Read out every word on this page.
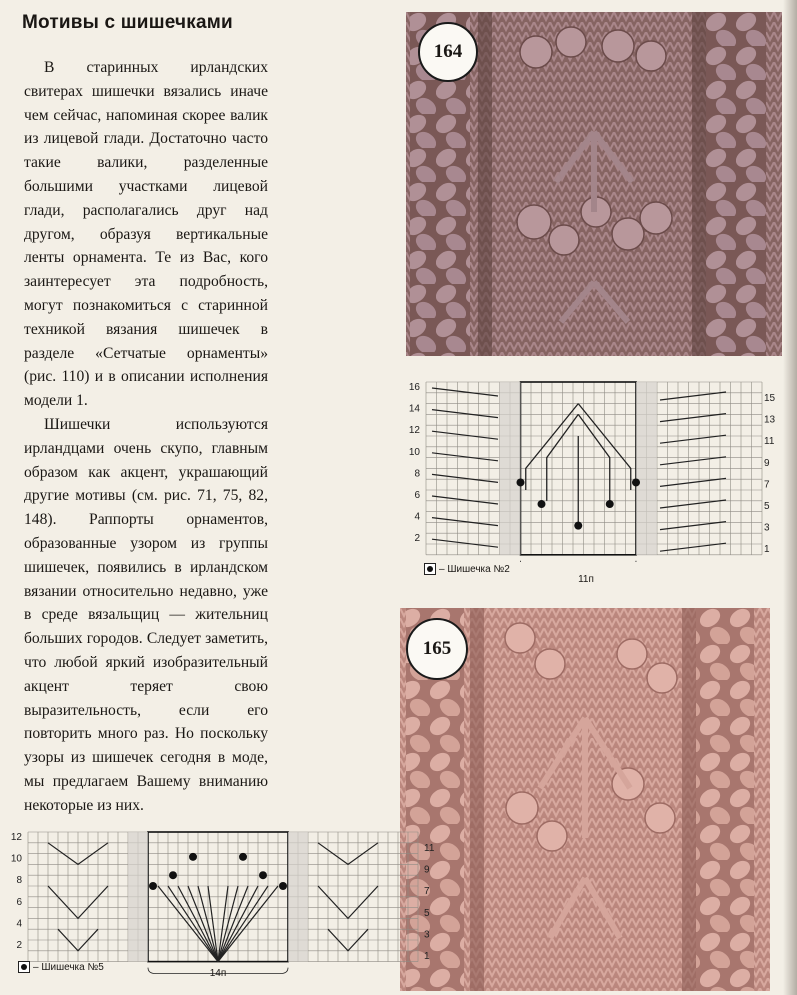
Мотивы с шишечками

В старинных ирландских свитерах шишечки вязались иначе чем сейчас, напоминая скорее валик из лицевой глади. Достаточно часто такие валики, разделенные большими участками лицевой глади, располагались друг над другом, образуя вертикальные ленты орнамента. Те из Вас, кого заинтересует эта подробность, могут познакомиться с старинной техникой вязания шишечек в разделе «Сетчатые орнаменты» (рис. 110) и в описании исполнения модели 1.

Шишечки используются ирландцами очень скупо, главным образом как акцент, украшающий другие мотивы (см. рис. 71, 75, 82, 148). Раппорты орнаментов, образованные узором из группы шишечек, появились в ирландском вязании относительно недавно, уже в среде вязальщиц — жительниц больших городов. Следует заметить, что любой яркий изобразительный акцент теряет свою выразительность, если его повторить много раз. Но поскольку узоры из шишечек сегодня в моде, мы предлагаем Вашему вниманию некоторые из них.

164
16
14
12
10
8
6
4
2
15
13
11
9
7
5
3
1
– Шишечка №2
11п
165
12
10
8
6
4
2
11
9
7
5
3
1
– Шишечка №5
14п
